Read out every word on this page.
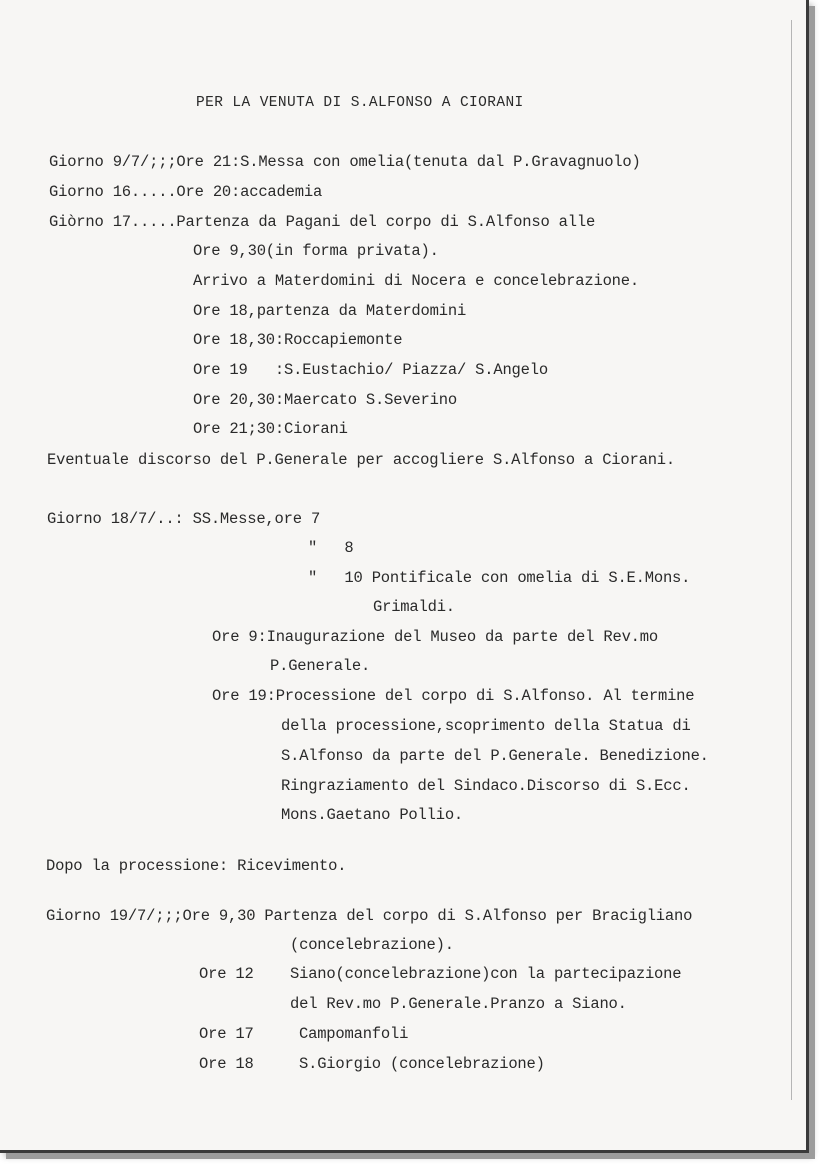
PER LA VENUTA DI S.ALFONSO A CIORANI
Giorno 9/7/;;;Ore 21:S.Messa con omelia(tenuta dal P.Gravagnuolo)
Giorno 16.....Ore 20:accademia
Giòrno 17.....Partenza da Pagani del corpo di S.Alfonso alle
Ore 9,30(in forma privata).
Arrivo a Materdomini di Nocera e concelebrazione.
Ore 18,partenza da Materdomini
Ore 18,30:Roccapiemonte
Ore 19   :S.Eustachio/ Piazza/ S.Angelo
Ore 20,30:Maercato S.Severino
Ore 21;30:Ciorani
Eventuale discorso del P.Generale per accogliere S.Alfonso a Ciorani.
Giorno 18/7/..: SS.Messe,ore 7
"   8
"   10 Pontificale con omelia di S.E.Mons.
Grimaldi.
Ore 9:Inaugurazione del Museo da parte del Rev.mo
P.Generale.
Ore 19:Processione del corpo di S.Alfonso. Al termine
della processione,scoprimento della Statua di
S.Alfonso da parte del P.Generale. Benedizione.
Ringraziamento del Sindaco.Discorso di S.Ecc.
Mons.Gaetano Pollio.
Dopo la processione: Ricevimento.
Giorno 19/7/;;;Ore 9,30 Partenza del corpo di S.Alfonso per Bracigliano
(concelebrazione).
Ore 12 Siano(concelebrazione)con la partecipazione
del Rev.mo P.Generale.Pranzo a Siano.
Ore 17	Campomanfoli
Ore 18	S.Giorgio (concelebrazione)
